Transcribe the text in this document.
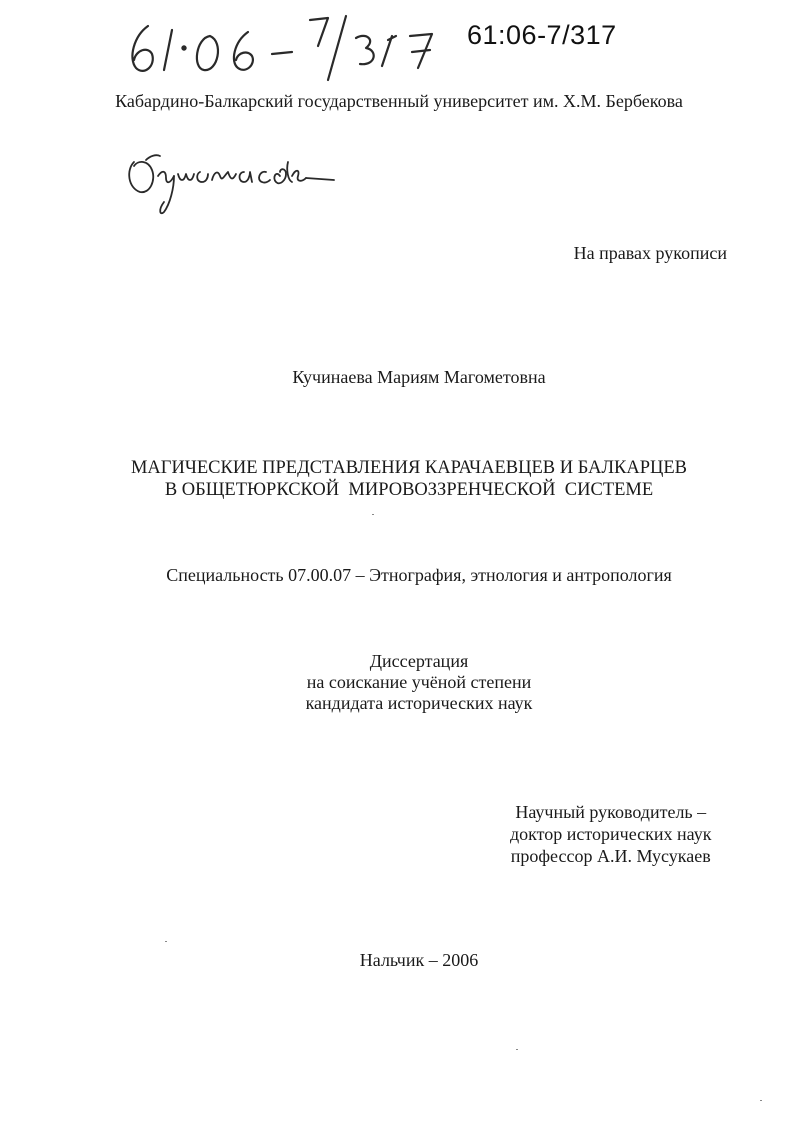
61:06-7/317
Кабардино-Балкарский государственный университет им. Х.М. Бербекова
На правах рукописи
Кучинаева Мариям Магометовна
МАГИЧЕСКИЕ ПРЕДСТАВЛЕНИЯ КАРАЧАЕВЦЕВ И БАЛКАРЦЕВ
В ОБЩЕТЮРКСКОЙ  МИРОВОЗЗРЕНЧЕСКОЙ  СИСТЕМЕ
Специальность 07.00.07 – Этнография, этнология и антропология
Диссертация
на соискание учёной степени
кандидата исторических наук
Научный руководитель –
доктор исторических наук
профессор А.И. Мусукаев
Нальчик – 2006
